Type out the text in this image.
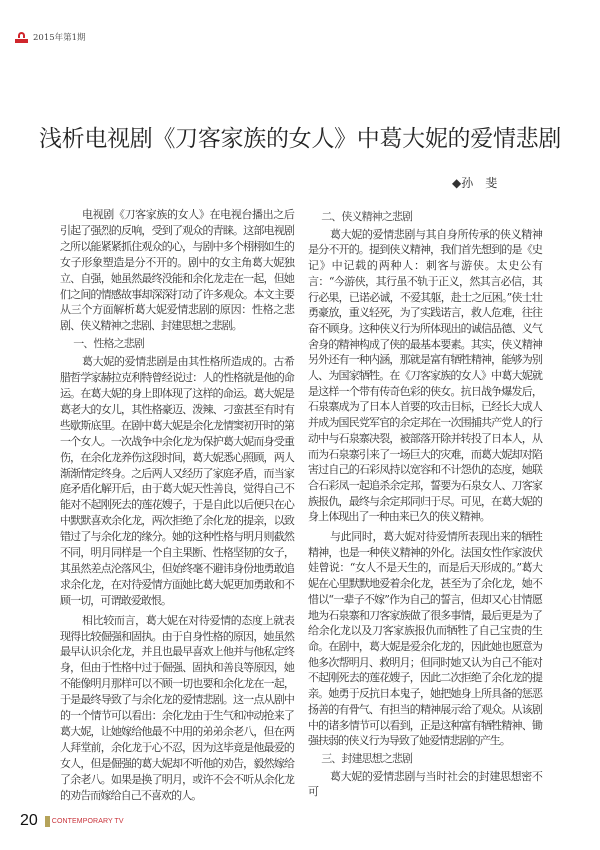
2015年第1期
浅析电视剧《刀客家族的女人》中葛大妮的爱情悲剧
◆孙　斐

电视剧《刀客家族的女人》在电视台播出之后引起了强烈的反响，受到了观众的青睐。这部电视剧之所以能紧紧抓住观众的心，与剧中多个栩栩如生的女子形象塑造是分不开的。剧中的女主角葛大妮独立、自强，她虽然最终没能和余化龙走在一起，但她们之间的情感故事却深深打动了许多观众。本文主要从三个方面解析葛大妮爱情悲剧的原因：性格之悲剧、侠义精神之悲剧、封建思想之悲剧。

一、性格之悲剧

葛大妮的爱情悲剧是由其性格所造成的。古希腊哲学家赫拉克利特曾经说过：人的性格就是他的命运。在葛大妮的身上即体现了这样的命运。葛大妮是葛老大的女儿，其性格豪迈、泼辣、刁蛮甚至有时有些歇斯底里。在剧中葛大妮是余化龙情窦初开时的第一个女人。一次战争中余化龙为保护葛大妮而身受重伤，在余化龙养伤这段时间，葛大妮悉心照顾，两人渐渐情定终身。之后两人又经历了家庭矛盾，而当家庭矛盾化解开后，由于葛大妮天性善良，觉得自己不能对不起刚死去的莲花嫂子，于是自此以后便只在心中默默喜欢余化龙，两次拒绝了余化龙的提亲，以致错过了与余化龙的缘分。她的这种性格与明月则截然不同，明月同样是一个自主果断、性格坚韧的女子，其虽然差点沦落风尘，但始终毫不避讳身份地勇敢追求余化龙，在对待爱情方面她比葛大妮更加勇敢和不顾一切，可谓敢爱敢恨。

相比较而言，葛大妮在对待爱情的态度上就表现得比较倔强和固执。由于自身性格的原因，她虽然最早认识余化龙，并且也最早喜欢上他并与他私定终身，但由于性格中过于倔强、固执和善良等原因，她不能像明月那样可以不顾一切也要和余化龙在一起，于是最终导致了与余化龙的爱情悲剧。这一点从剧中的一个情节可以看出：余化龙由于生气和冲动抢来了葛大妮，让她嫁给他最不中用的弟弟余老八，但在两人拜堂前，余化龙于心不忍，因为这毕竟是他最爱的女人，但是倔强的葛大妮却不听他的劝告，毅然嫁给了余老八。如果是换了明月，或许不会不听从余化龙的劝告而嫁给自己不喜欢的人。

二、侠义精神之悲剧

葛大妮的爱情悲剧与其自身所传承的侠义精神是分不开的。提到侠义精神，我们首先想到的是《史记》中记载的两种人：刺客与游侠。太史公有言：“今游侠，其行虽不轨于正义，然其言必信，其行必果，已诺必诚，不爱其躯，赴士之厄困。”侠士壮勇豪放，重义轻死，为了实践诺言，救人危难，往往奋不顾身。这种侠义行为所体现出的诚信品德、义气舍身的精神构成了侠的最基本要素。其实，侠义精神另外还有一种内涵，那就是富有牺牲精神，能够为别人、为国家牺牲。在《刀客家族的女人》中葛大妮就是这样一个带有传奇色彩的侠女。抗日战争爆发后，石泉寨成为了日本人首要的攻击目标，已经长大成人并成为国民党军官的余定邦在一次围捕共产党人的行动中与石泉寨决裂，被部落开除并转投了日本人，从而为石泉寨引来了一场巨大的灾难，而葛大妮却对陷害过自己的石彩凤持以宽容和不计怨仇的态度，她联合石彩凤一起追杀余定邦，誓要为石泉女人、刀客家族报仇，最终与余定邦同归于尽。可见，在葛大妮的身上体现出了一种由来已久的侠义精神。

与此同时，葛大妮对待爱情所表现出来的牺牲精神，也是一种侠义精神的外化。法国女性作家波伏娃曾说：“女人不是天生的，而是后天形成的。”葛大妮在心里默默地爱着余化龙，甚至为了余化龙，她不惜以“一辈子不嫁”作为自己的誓言，但却又心甘情愿地为石泉寨和刀客家族做了很多事情，最后更是为了给余化龙以及刀客家族报仇而牺牲了自己宝贵的生命。在剧中，葛大妮是爱余化龙的，因此她也愿意为他多次帮明月、救明月；但同时她又认为自己不能对不起刚死去的莲花嫂子，因此二次拒绝了余化龙的提亲。她勇于反抗日本鬼子，她把她身上所具备的惩恶扬善的有骨气、有担当的精神展示给了观众。从该剧中的诸多情节可以看到，正是这种富有牺牲精神、锄强扶弱的侠义行为导致了她爱情悲剧的产生。

三、封建思想之悲剧

葛大妮的爱情悲剧与当时社会的封建思想密不可

20 CONTEMPORARY TV
